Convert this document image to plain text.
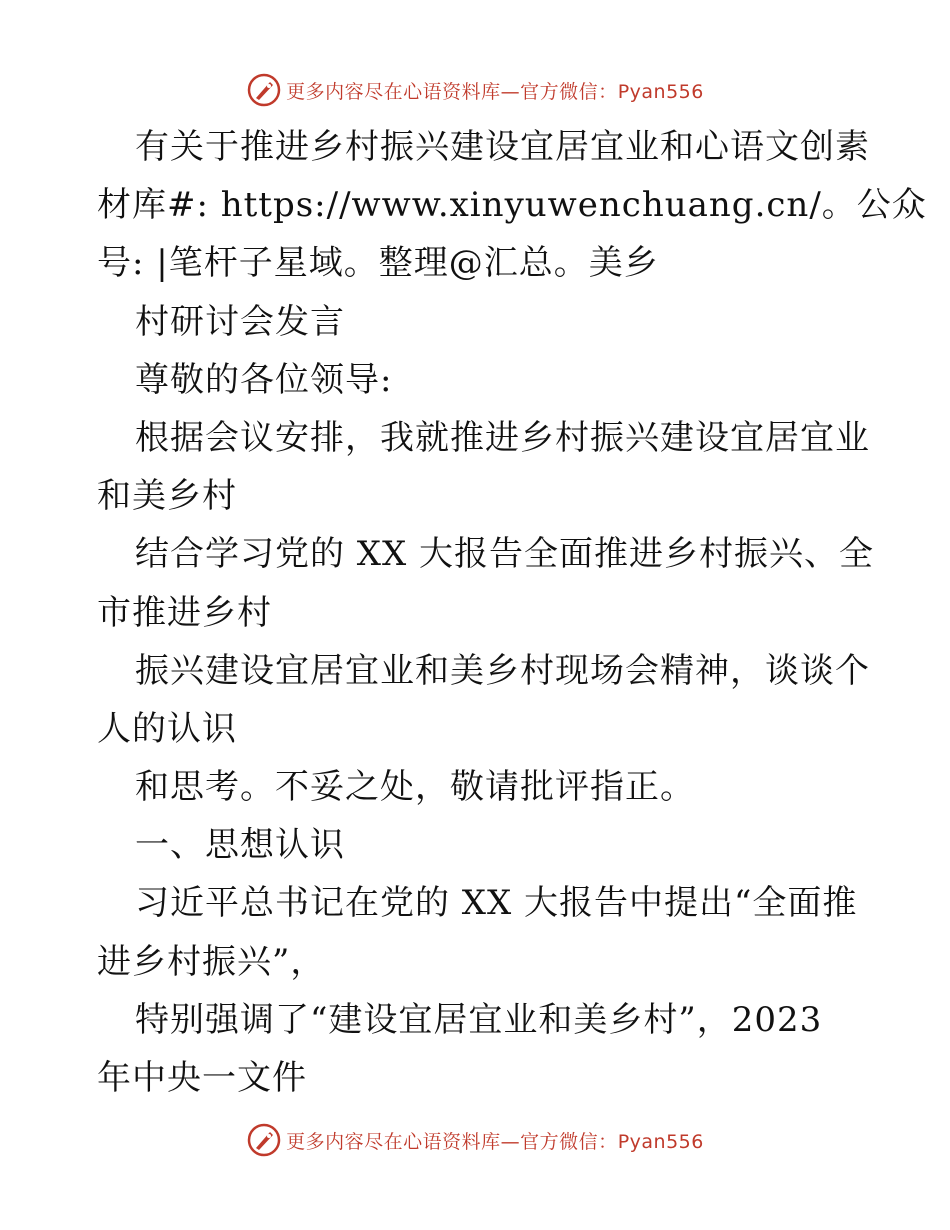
更多内容尽在心语资料库—官方微信：Pyan556
有关于推进乡村振兴建设宜居宜业和心语文创素
材库#: https://www.xinyuwenchuang.cn/。公众
号: |笔杆子星域。整理@汇总。美乡
村研讨会发言
尊敬的各位领导:
根据会议安排，我就推进乡村振兴建设宜居宜业
和美乡村
结合学习党的 XX 大报告全面推进乡村振兴、全
市推进乡村
振兴建设宜居宜业和美乡村现场会精神，谈谈个
人的认识
和思考。不妥之处，敬请批评指正。
一、思想认识
习近平总书记在党的 XX 大报告中提出“全面推
进乡村振兴”，
特别强调了“建设宜居宜业和美乡村”，2023
年中央一文件
更多内容尽在心语资料库—官方微信：Pyan556
